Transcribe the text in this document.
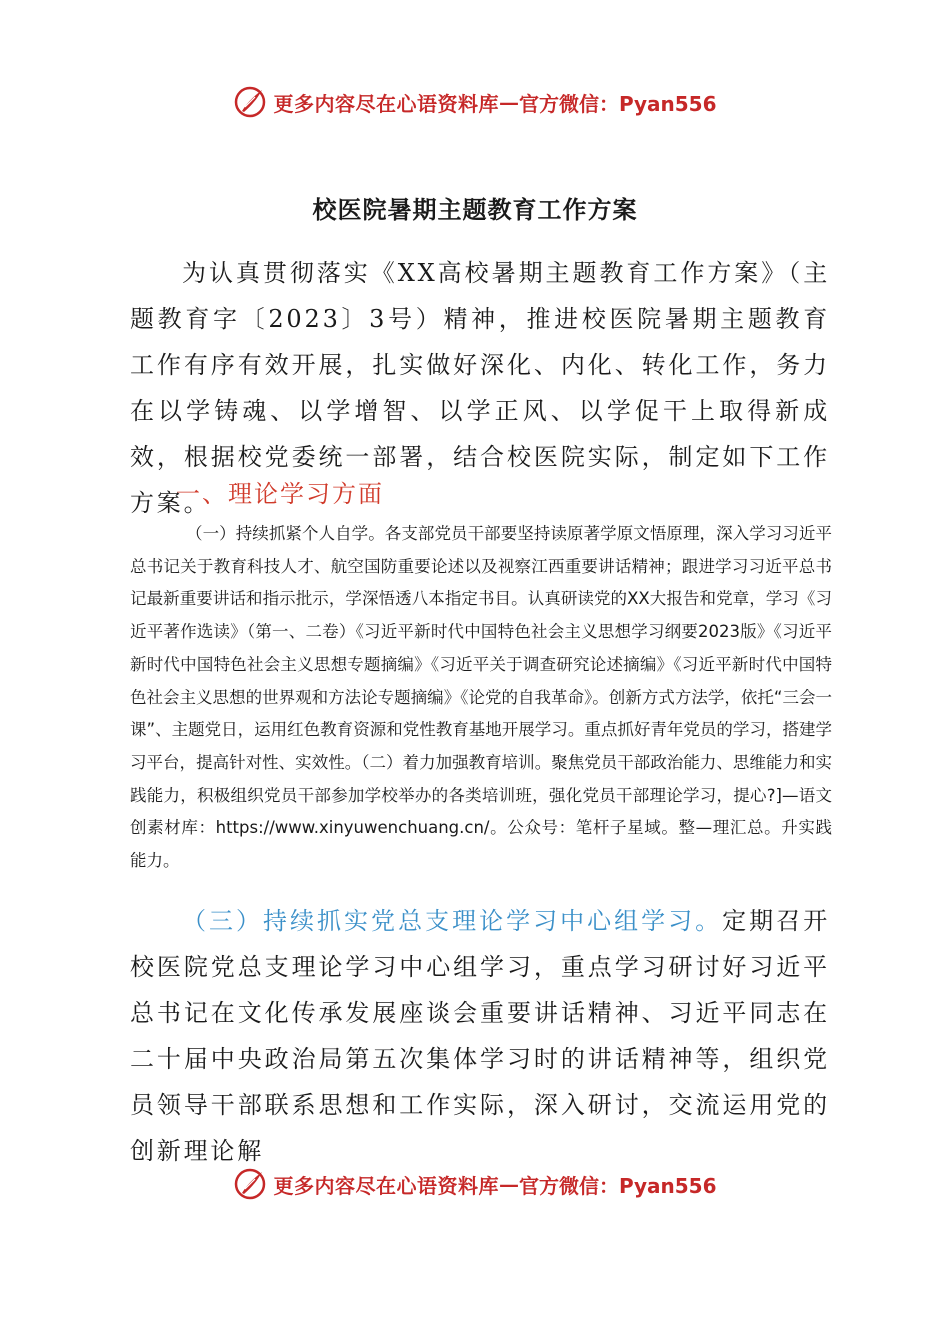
更多内容尽在心语资料库 — 官方微信：Pyan556
校医院暑期主题教育工作方案

为认真贯彻落实《XX高校暑期主题教育工作方案》（主题教育字〔2023〕3号）精神，推进校医院暑期主题教育工作有序有效开展，扎实做好深化、内化、转化工作，务力在以学铸魂、以学增智、以学正风、以学促干上取得新成效，根据校党委统一部署，结合校医院实际，制定如下工作方案。

一、理论学习方面

（一）持续抓紧个人自学。各支部党员干部要坚持读原著学原文悟原理，深入学习习近平总书记关于教育科技人才、航空国防重要论述以及视察江西重要讲话精神；跟进学习习近平总书记最新重要讲话和指示批示，学深悟透八本指定书目。认真研读党的XX大报告和党章，学习《习近平著作选读》（第一、二卷）《习近平新时代中国特色社会主义思想学习纲要2023版》《习近平新时代中国特色社会主义思想专题摘编》《习近平关于调查研究论述摘编》《习近平新时代中国特色社会主义思想的世界观和方法论专题摘编》《论党的自我革命》。创新方式方法学，依托“三会一课”、主题党日，运用红色教育资源和党性教育基地开展学习。重点抓好青年党员的学习，搭建学习平台，提高针对性、实效性。（二）着力加强教育培训。聚焦党员干部政治能力、思维能力和实践能力，积极组织党员干部参加学校举办的各类培训班，强化党员干部理论学习，提心?]—语文创素材库：https://www.xinyuwenchuang.cn/。公众号：笔杆子星域。整—理汇总。升实践能力。

（三）持续抓实党总支理论学习中心组学习。定期召开校医院党总支理论学习中心组学习，重点学习研讨好习近平总书记在文化传承发展座谈会重要讲话精神、习近平同志在二十届中央政治局第五次集体学习时的讲话精神等，组织党员领导干部联系思想和工作实际，深入研讨，交流运用党的创新理论解

更多内容尽在心语资料库 — 官方微信：Pyan556
